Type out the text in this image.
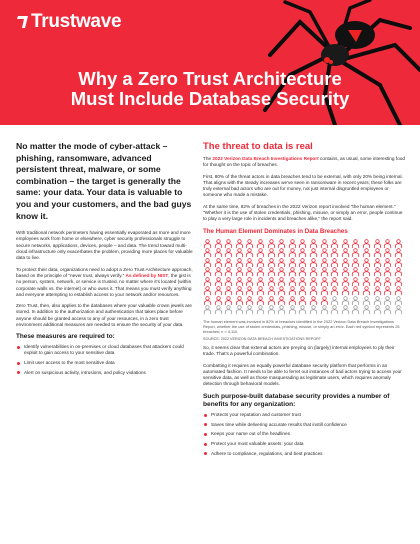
Trustwave
Why a Zero Trust Architecture
Must Include Database Security
No matter the mode of cyber-attack – phishing, ransomware, advanced persistent threat, malware, or some combination – the target is generally the same: your data. Your data is valuable to you and your customers, and the bad guys know it.

With traditional network perimeters having essentially evaporated as more and more employees work from home or elsewhere, cyber security professionals struggle to secure networks, applications, devices, people – and data. The trend toward multi-cloud infrastructure only exacerbates the problem, providing more places for valuable data to live.

To protect their data, organizations need to adopt a Zero Trust Architecture approach, based on the principle of "never trust, always verify." As defined by NIST, the gist is no person, system, network, or service is trusted, no matter where it's located (within corporate walls vs. the internet) or who owns it. That means you must verify anything and everyone attempting to establish access to your network and/or resources.

Zero Trust, then, also applies to the databases where your valuable crown jewels are stored. In addition to the authorization and authentication that takes place before anyone should be granted access to any of your resources, in a zero trust environment additional measures are needed to ensure the security of your data.

These measures are required to:
Identify vulnerabilities in on-premises or cloud databases that attackers could exploit to gain access to your sensitive data
Limit user access to the most sensitive data
Alert on suspicious activity, intrusions, and policy violations
The threat to data is real

The 2022 Verizon Data Breach Investigations Report contains, as usual, some interesting food for thought on the topic of breaches.

First, 80% of the threat actors in data breaches tend to be external, with only 20% being internal. That aligns with the steady increases we've seen in ransomware in recent years; these folks are truly external bad actors who are out for money, not just internal disgruntled employees or someone who made a mistake.

At the same time, 82% of breaches in the 2022 Verizon report involved "the human element." "Whether it is the use of stolen credentials, phishing, misuse, or simply an error, people continue to play a very large role in incidents and breaches alike," the report said.

The Human Element Dominates in Data Breaches
The human element was involved in 82% of breaches identified in the 2022 Verizon Data Breach Investigations Report, whether the use of stolen credentials, phishing, misuse, or simply an error. Each red symbol represents 25 breaches; n = 4,110.
SOURCE: 2022 VERIZON DATA BREACH INVESTIGATIONS REPORT

So, it seems clear that external actors are preying on (largely) internal employees to ply their trade. That's a powerful combination.

Combatting it requires an equally powerful database security platform that performs in an automated fashion. It needs to be able to ferret out instances of bad actors trying to access your sensitive data, as well as those masquerading as legitimate users, which requires anomaly detection through behavioral models.

Such purpose-built database security provides a number of benefits for any organization:
Protects your reputation and customer trust
Saves time while delivering accurate results that instill confidence
Keeps your name out of the headlines
Protect your most valuable assets: your data
Adhere to compliance, regulations, and best practices
